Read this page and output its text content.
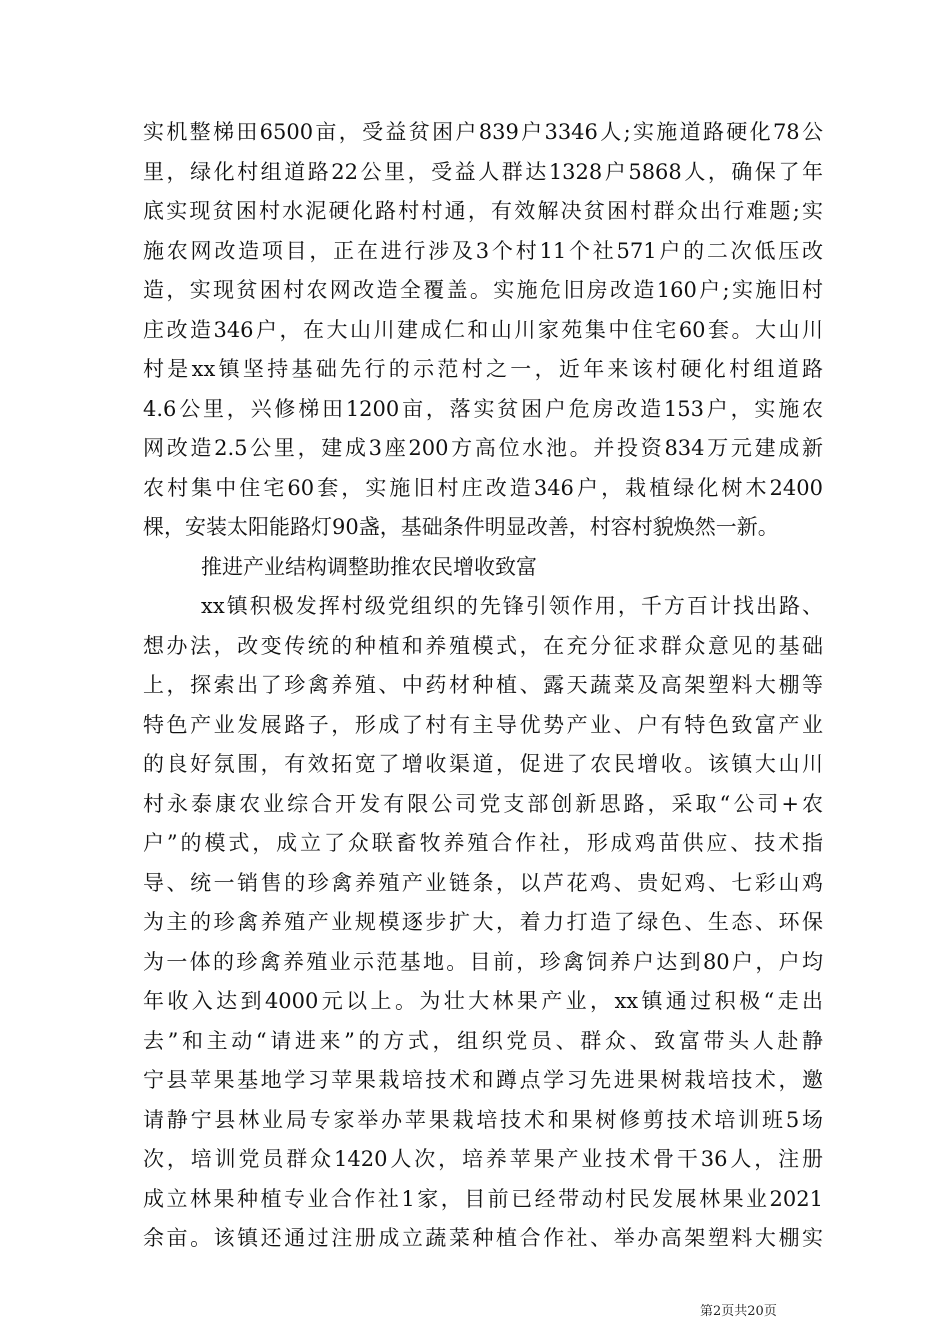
实机整梯田6500亩，受益贫困户839户3346人;实施道路硬化78公
里，绿化村组道路22公里，受益人群达1328户5868人，确保了年
底实现贫困村水泥硬化路村村通，有效解决贫困村群众出行难题;实
施农网改造项目，正在进行涉及3个村11个社571户的二次低压改
造，实现贫困村农网改造全覆盖。实施危旧房改造160户;实施旧村
庄改造346户，在大山川建成仁和山川家苑集中住宅60套。大山川
村是xx镇坚持基础先行的示范村之一，近年来该村硬化村组道路
4.6公里，兴修梯田1200亩，落实贫困户危房改造153户，实施农
网改造2.5公里，建成3座200方高位水池。并投资834万元建成新
农村集中住宅60套，实施旧村庄改造346户，栽植绿化树木2400
棵，安装太阳能路灯90盏，基础条件明显改善，村容村貌焕然一新。
推进产业结构调整助推农民增收致富
xx镇积极发挥村级党组织的先锋引领作用，千方百计找出路、
想办法，改变传统的种植和养殖模式，在充分征求群众意见的基础
上，探索出了珍禽养殖、中药材种植、露天蔬菜及高架塑料大棚等
特色产业发展路子，形成了村有主导优势产业、户有特色致富产业
的良好氛围，有效拓宽了增收渠道，促进了农民增收。该镇大山川
村永泰康农业综合开发有限公司党支部创新思路，采取“公司+农
户”的模式，成立了众联畜牧养殖合作社，形成鸡苗供应、技术指
导、统一销售的珍禽养殖产业链条，以芦花鸡、贵妃鸡、七彩山鸡
为主的珍禽养殖产业规模逐步扩大，着力打造了绿色、生态、环保
为一体的珍禽养殖业示范基地。目前，珍禽饲养户达到80户，户均
年收入达到4000元以上。为壮大林果产业，xx镇通过积极“走出
去”和主动“请进来”的方式，组织党员、群众、致富带头人赴静
宁县苹果基地学习苹果栽培技术和蹲点学习先进果树栽培技术，邀
请静宁县林业局专家举办苹果栽培技术和果树修剪技术培训班5场
次，培训党员群众1420人次，培养苹果产业技术骨干36人，注册
成立林果种植专业合作社1家，目前已经带动村民发展林果业2021
余亩。该镇还通过注册成立蔬菜种植合作社、举办高架塑料大棚实
第2页共20页
